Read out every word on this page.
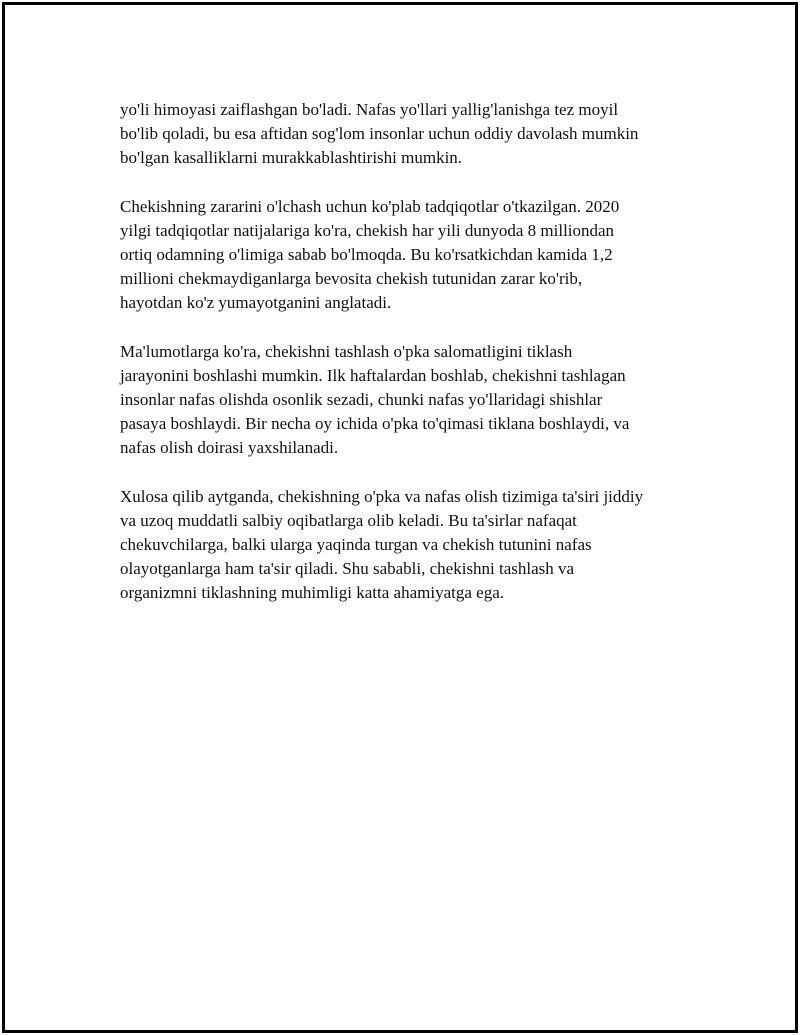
yo'li himoyasi zaiflashgan bo'ladi. Nafas yo'llari yallig'lanishga tez moyil
bo'lib qoladi, bu esa aftidan sog'lom insonlar uchun oddiy davolash mumkin
bo'lgan kasalliklarni murakkablashtirishi mumkin.

Chekishning zararini o'lchash uchun ko'plab tadqiqotlar o'tkazilgan. 2020
yilgi tadqiqotlar natijalariga ko'ra, chekish har yili dunyoda 8 milliondan
ortiq odamning o'limiga sabab bo'lmoqda. Bu ko'rsatkichdan kamida 1,2
millioni chekmaydiganlarga bevosita chekish tutunidan zarar ko'rib,
hayotdan ko'z yumayotganini anglatadi.

Ma'lumotlarga ko'ra, chekishni tashlash o'pka salomatligini tiklash
jarayonini boshlashi mumkin. Ilk haftalardan boshlab, chekishni tashlagan
insonlar nafas olishda osonlik sezadi, chunki nafas yo'llaridagi shishlar
pasaya boshlaydi. Bir necha oy ichida o'pka to'qimasi tiklana boshlaydi, va
nafas olish doirasi yaxshilanadi.

Xulosa qilib aytganda, chekishning o'pka va nafas olish tizimiga ta'siri jiddiy
va uzoq muddatli salbiy oqibatlarga olib keladi. Bu ta'sirlar nafaqat
chekuvchilarga, balki ularga yaqinda turgan va chekish tutunini nafas
olayotganlarga ham ta'sir qiladi. Shu sababli, chekishni tashlash va
organizmni tiklashning muhimligi katta ahamiyatga ega.
